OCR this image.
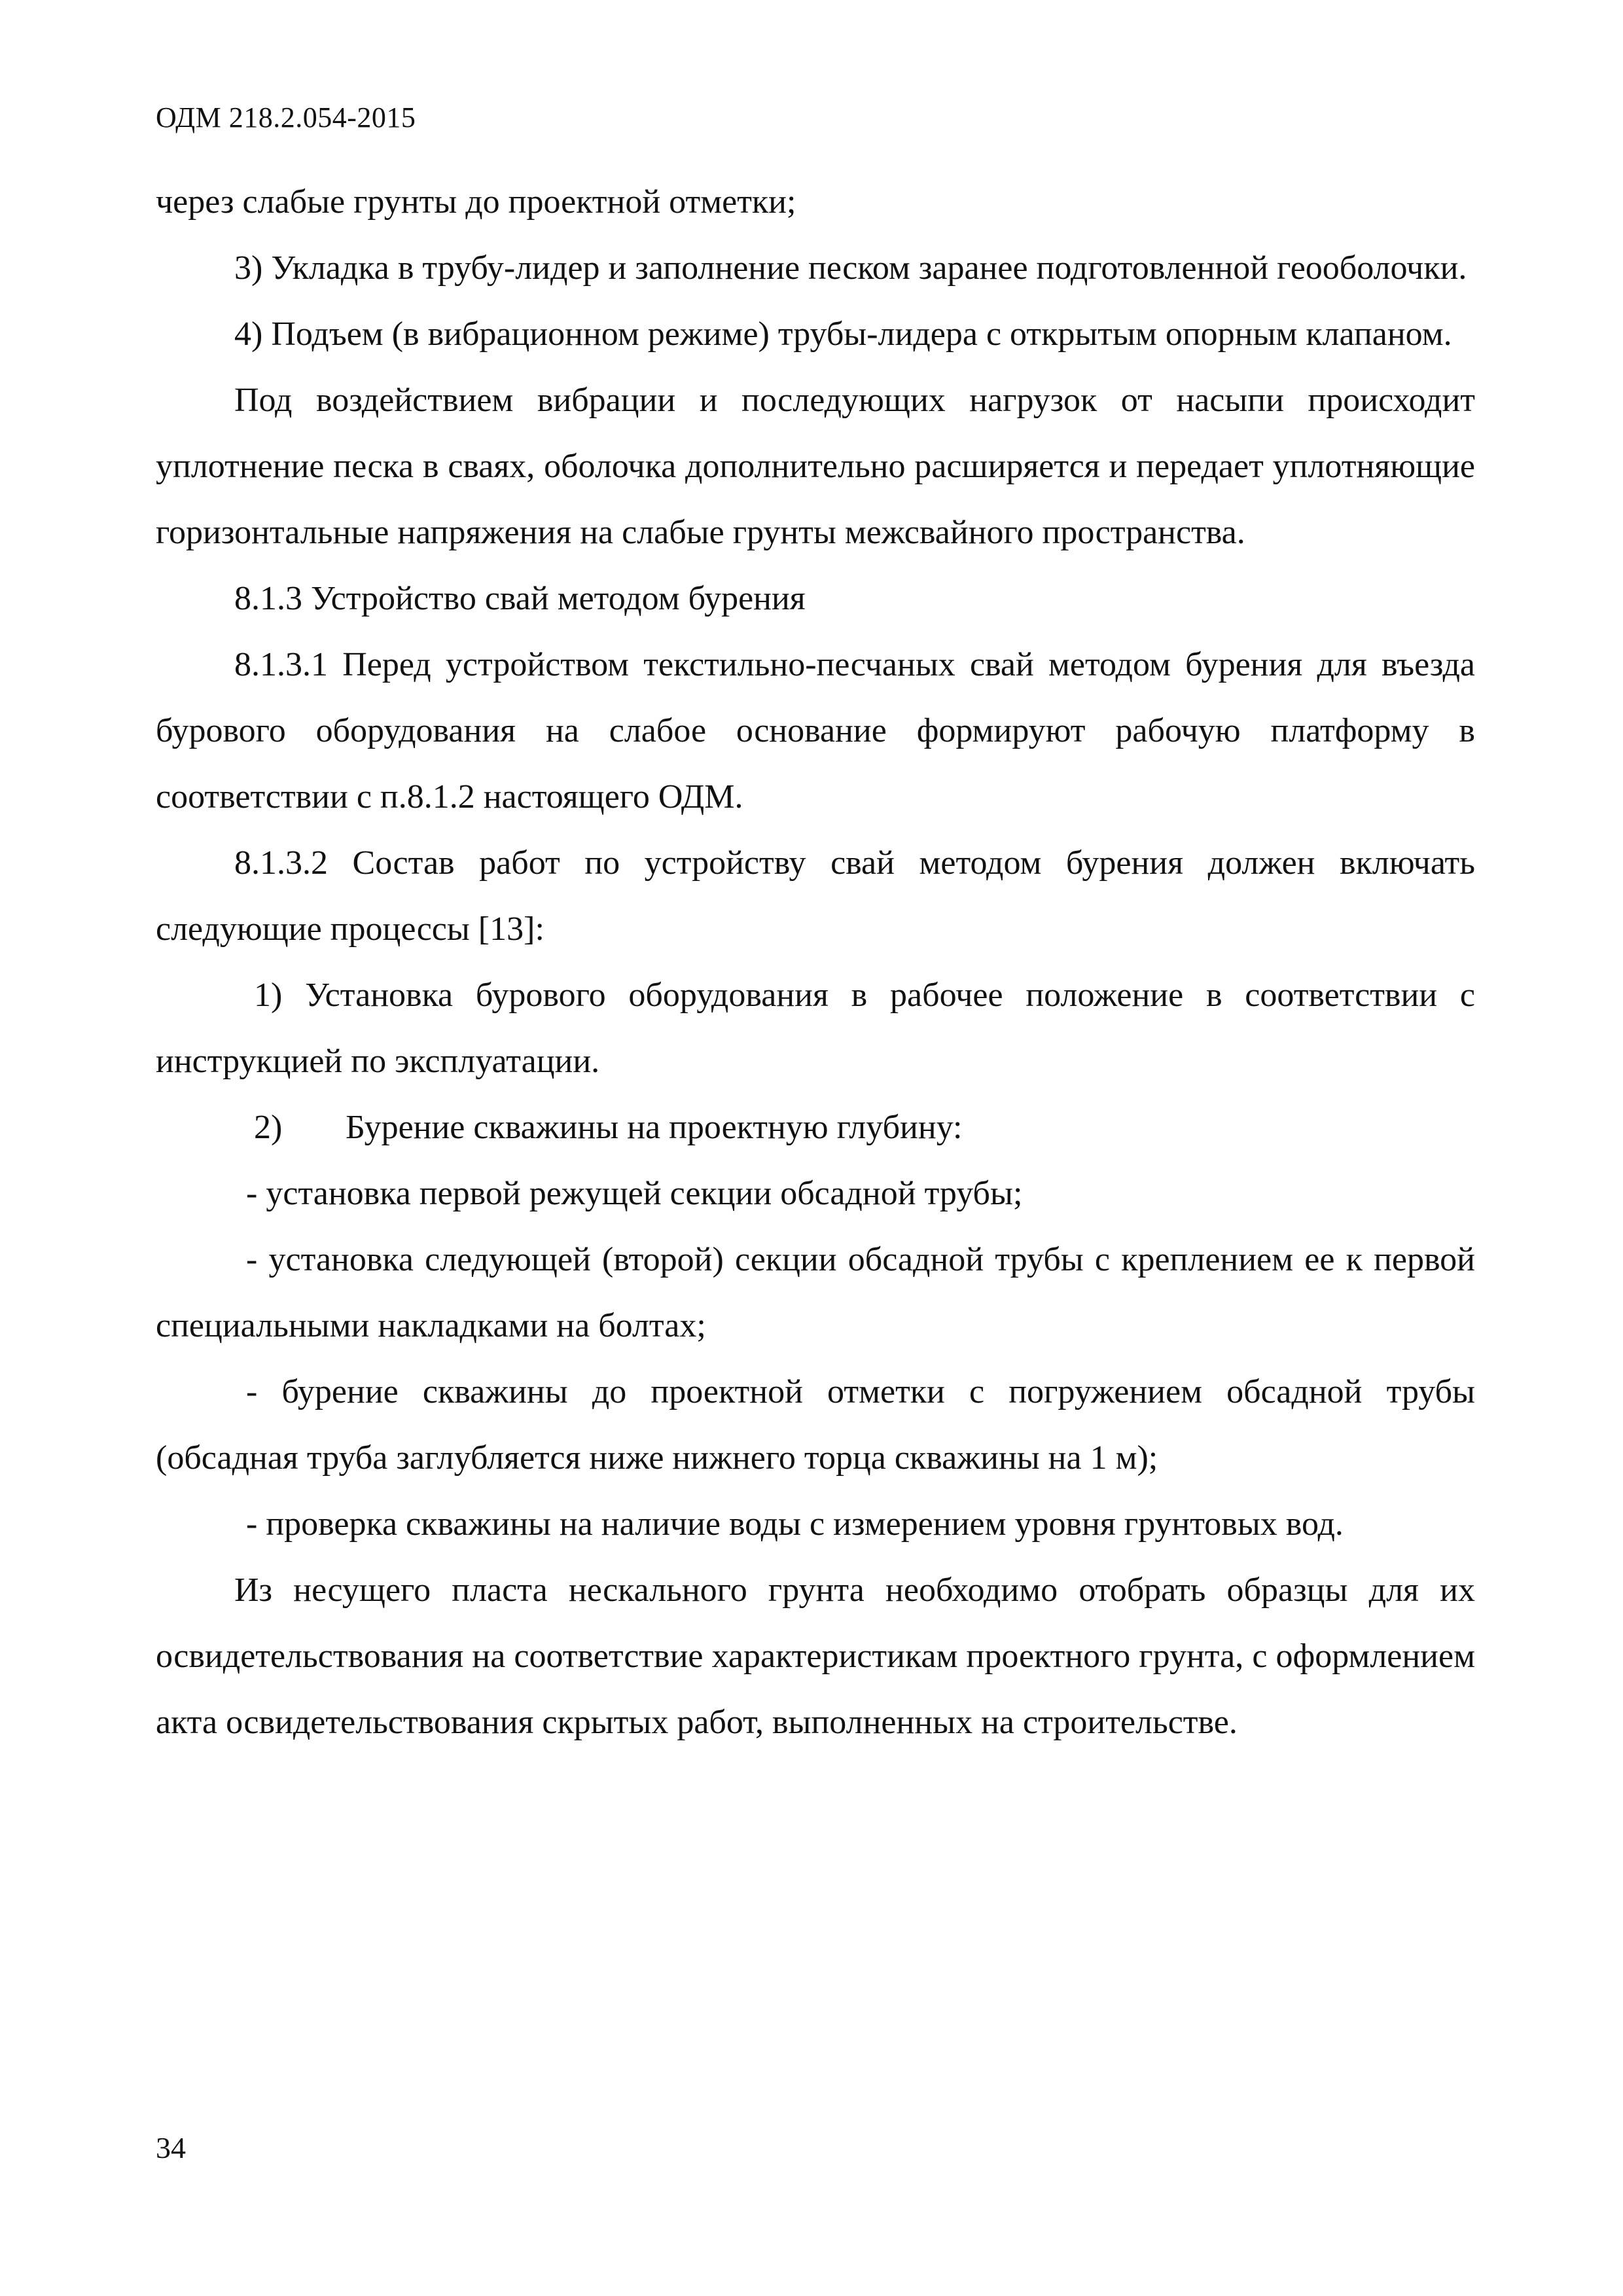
ОДМ 218.2.054-2015

через слабые грунты до проектной отметки;

3) Укладка в трубу-лидер и заполнение песком заранее подготовленной геооболочки.

4) Подъем (в вибрационном режиме) трубы-лидера с открытым опорным клапаном.

Под воздействием вибрации и последующих нагрузок от насыпи происходит уплотнение песка в сваях, оболочка дополнительно расширяется и передает уплотняющие горизонтальные напряжения на слабые грунты межсвайного пространства.

8.1.3 Устройство свай методом бурения

8.1.3.1 Перед устройством текстильно-песчаных свай методом бурения для въезда бурового оборудования на слабое основание формируют рабочую платформу в соответствии с п.8.1.2 настоящего ОДМ.

8.1.3.2 Состав работ по устройству свай методом бурения должен включать следующие процессы [13]:

1) Установка бурового оборудования в рабочее положение в соответствии с инструкцией по эксплуатации.

2) Бурение скважины на проектную глубину:

- установка первой режущей секции обсадной трубы;

- установка следующей (второй) секции обсадной трубы с креплением ее к первой специальными накладками на болтах;

- бурение скважины до проектной отметки с погружением обсадной трубы (обсадная труба заглубляется ниже нижнего торца скважины на 1 м);

- проверка скважины на наличие воды с измерением уровня грунтовых вод.

Из несущего пласта нескального грунта необходимо отобрать образцы для их освидетельствования на соответствие характеристикам проектного грунта, с оформлением акта освидетельствования скрытых работ, выполненных на строительстве.

34
